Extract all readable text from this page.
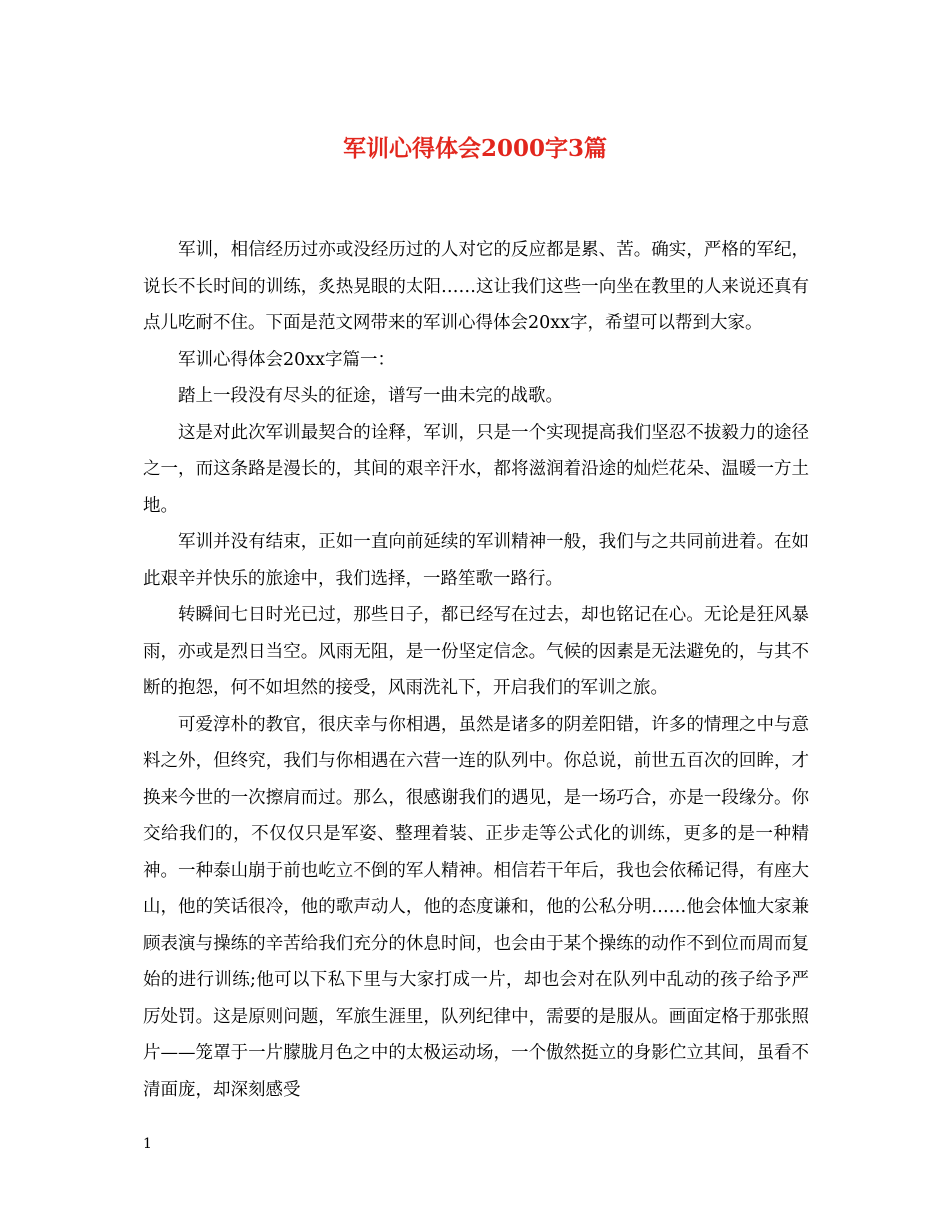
军训心得体会2000字3篇

军训，相信经历过亦或没经历过的人对它的反应都是累、苦。确实，严格的军纪，说长不长时间的训练，炙热晃眼的太阳……这让我们这些一向坐在教里的人来说还真有点儿吃耐不住。下面是范文网带来的军训心得体会20xx字，希望可以帮到大家。

军训心得体会20xx字篇一：

踏上一段没有尽头的征途，谱写一曲未完的战歌。

这是对此次军训最契合的诠释，军训，只是一个实现提高我们坚忍不拔毅力的途径之一，而这条路是漫长的，其间的艰辛汗水，都将滋润着沿途的灿烂花朵、温暖一方土地。

军训并没有结束，正如一直向前延续的军训精神一般，我们与之共同前进着。在如此艰辛并快乐的旅途中，我们选择，一路笙歌一路行。

转瞬间七日时光已过，那些日子，都已经写在过去，却也铭记在心。无论是狂风暴雨，亦或是烈日当空。风雨无阻，是一份坚定信念。气候的因素是无法避免的，与其不断的抱怨，何不如坦然的接受，风雨洗礼下，开启我们的军训之旅。

可爱淳朴的教官，很庆幸与你相遇，虽然是诸多的阴差阳错，许多的情理之中与意料之外，但终究，我们与你相遇在六营一连的队列中。你总说，前世五百次的回眸，才换来今世的一次擦肩而过。那么，很感谢我们的遇见，是一场巧合，亦是一段缘分。你交给我们的，不仅仅只是军姿、整理着装、正步走等公式化的训练，更多的是一种精神。一种泰山崩于前也屹立不倒的军人精神。相信若干年后，我也会依稀记得，有座大山，他的笑话很冷，他的歌声动人，他的态度谦和，他的公私分明……他会体恤大家兼顾表演与操练的辛苦给我们充分的休息时间，也会由于某个操练的动作不到位而周而复始的进行训练;他可以下私下里与大家打成一片，却也会对在队列中乱动的孩子给予严厉处罚。这是原则问题，军旅生涯里，队列纪律中，需要的是服从。画面定格于那张照片——笼罩于一片朦胧月色之中的太极运动场，一个傲然挺立的身影伫立其间，虽看不清面庞，却深刻感受

1
